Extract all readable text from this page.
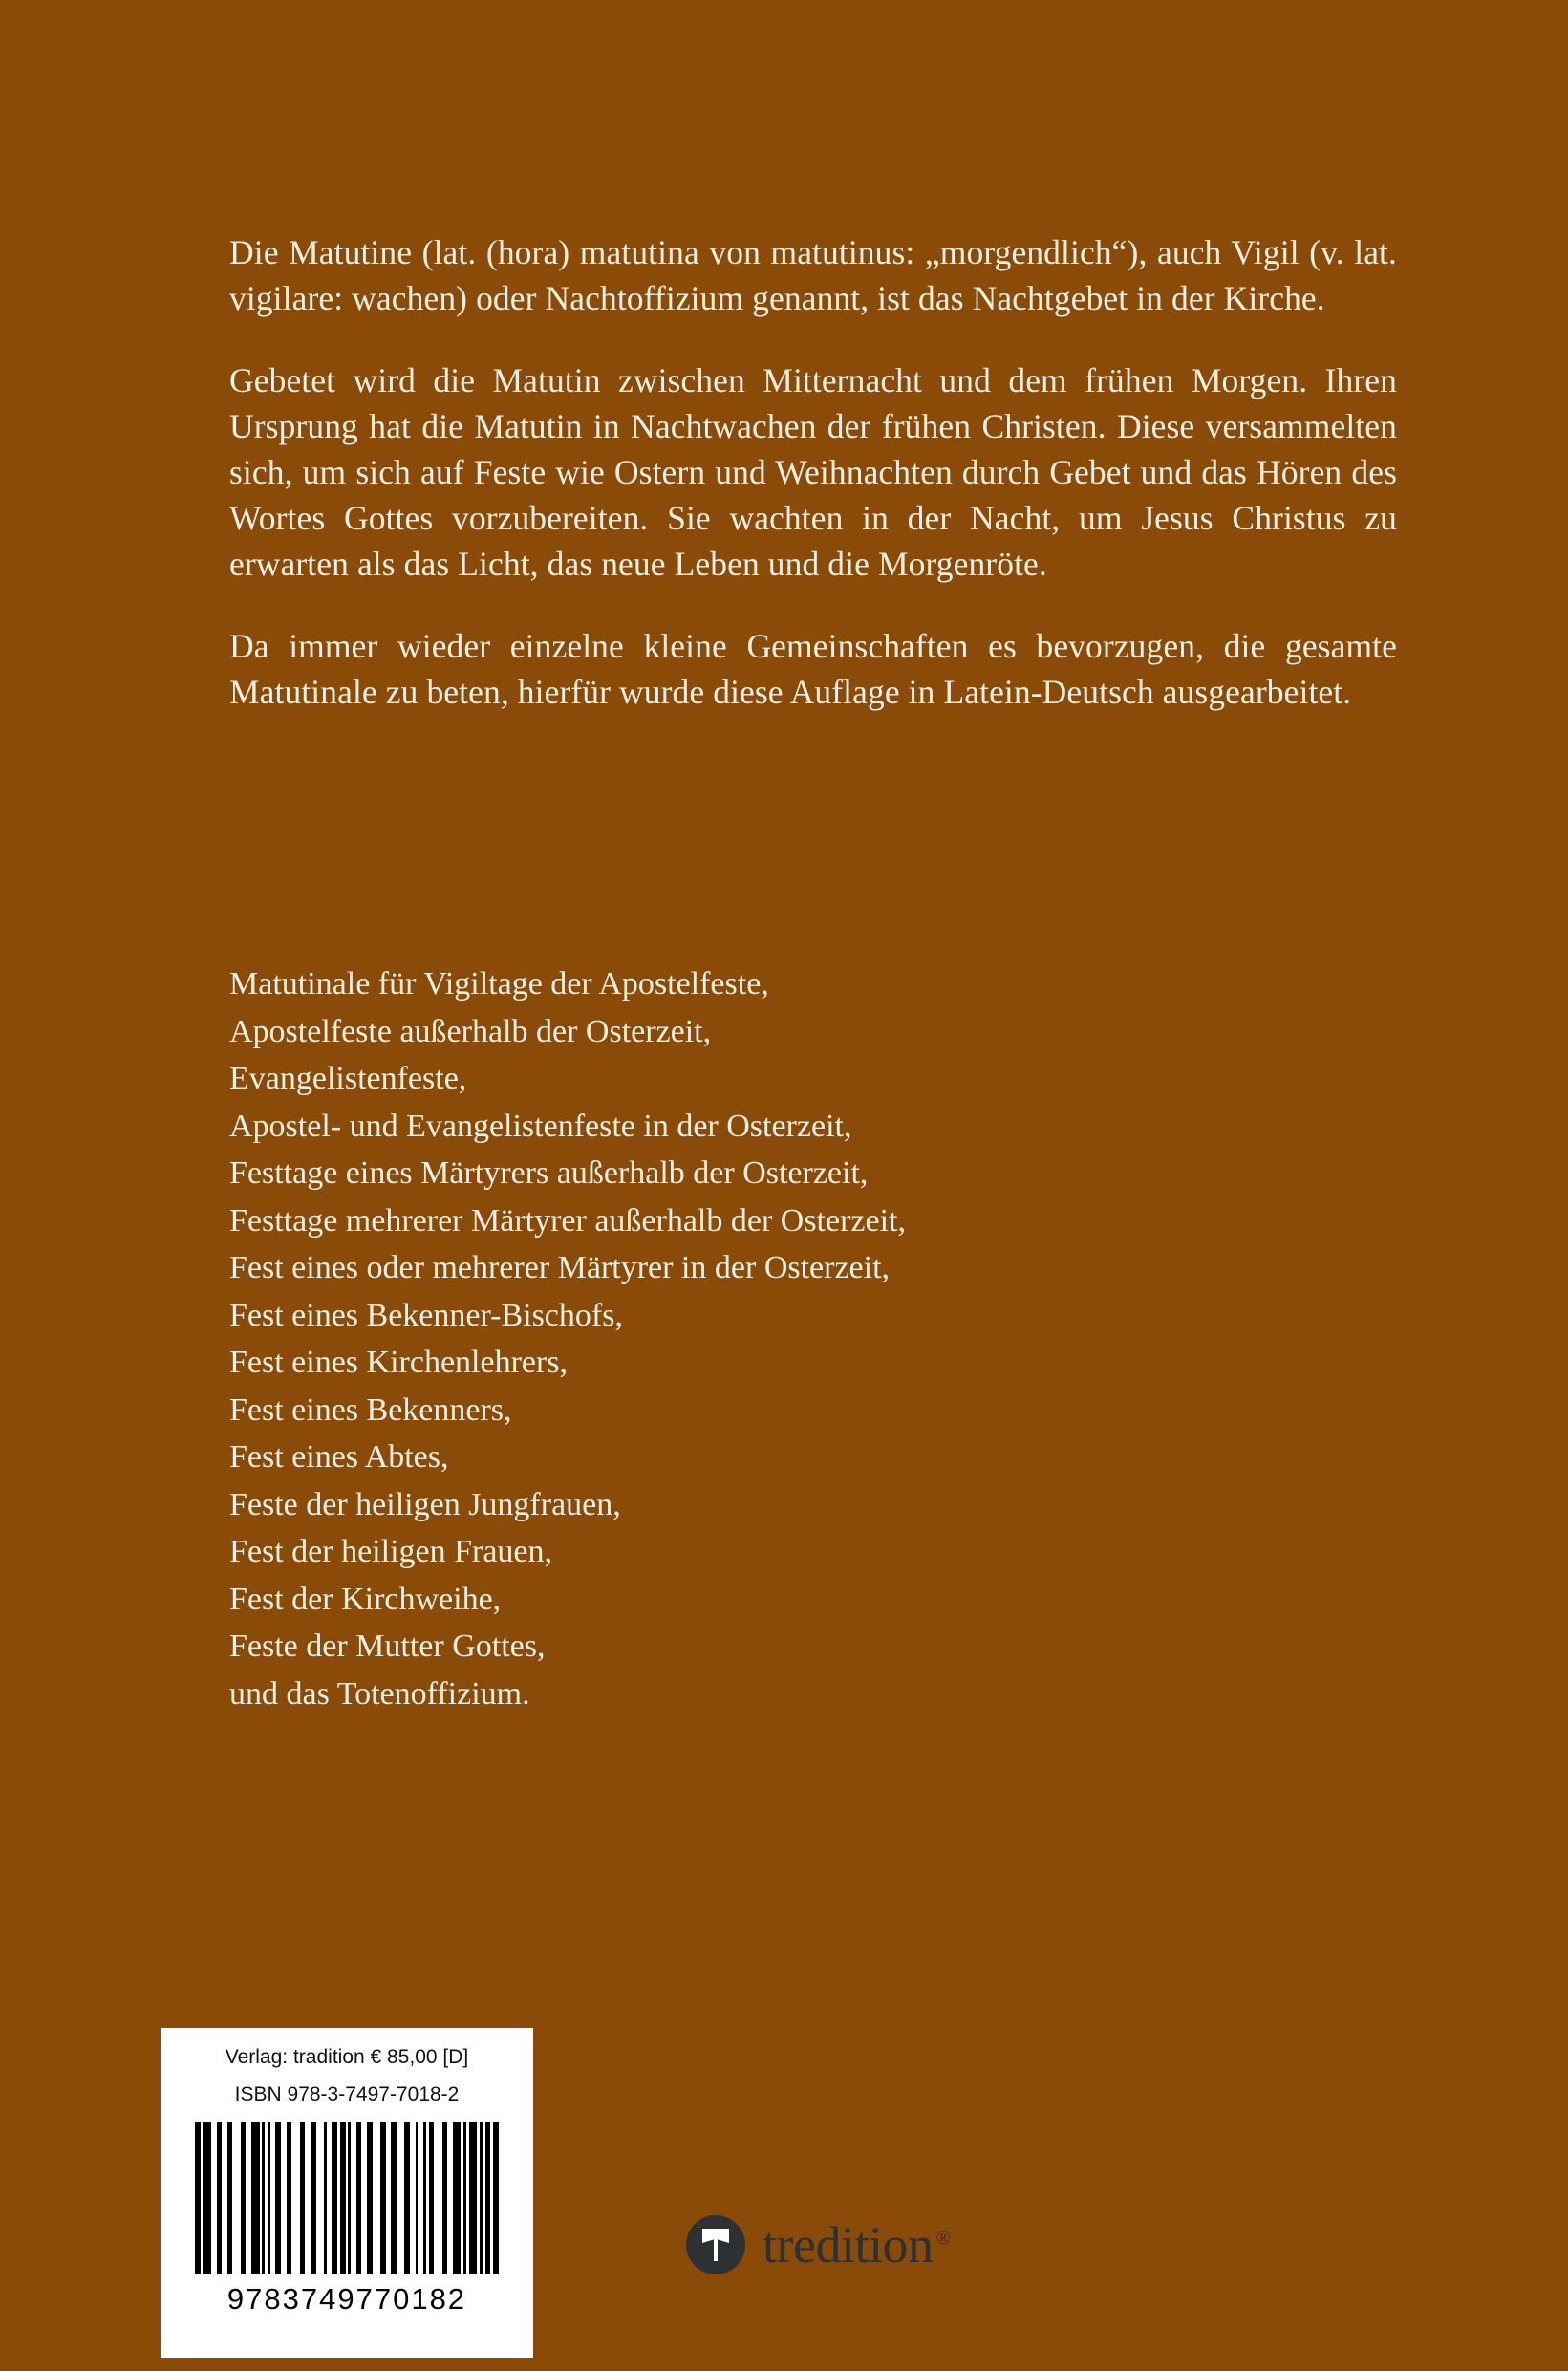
Die Matutine (lat. (hora) matutina von matutinus: „morgendlich“), auch Vigil (v. lat. vigilare: wachen) oder Nachtoffizium genannt, ist das Nachtgebet in der Kirche.

Gebetet wird die Matutin zwischen Mitternacht und dem frühen Morgen. Ihren Ursprung hat die Matutin in Nachtwachen der frühen Christen. Diese versammelten sich, um sich auf Feste wie Ostern und Weihnachten durch Gebet und das Hören des Wortes Gottes vorzubereiten. Sie wachten in der Nacht, um Jesus Christus zu erwarten als das Licht, das neue Leben und die Morgenröte.

Da immer wieder einzelne kleine Gemeinschaften es bevorzugen, die gesamte Matutinale zu beten, hierfür wurde diese Auflage in Latein-Deutsch ausgearbeitet.

Matutinale für Vigiltage der Apostelfeste,
Apostelfeste außerhalb der Osterzeit,
Evangelistenfeste,
Apostel- und Evangelistenfeste in der Osterzeit,
Festtage eines Märtyrers außerhalb der Osterzeit,
Festtage mehrerer Märtyrer außerhalb der Osterzeit,
Fest eines oder mehrerer Märtyrer in der Osterzeit,
Fest eines Bekenner-Bischofs,
Fest eines Kirchenlehrers,
Fest eines Bekenners,
Fest eines Abtes,
Feste der heiligen Jungfrauen,
Fest der heiligen Frauen,
Fest der Kirchweihe,
Feste der Mutter Gottes,
und das Totenoffizium.
Verlag: tradition € 85,00 [D]
ISBN 978-3-7497-7018-2
9783749770182
tredition ®
